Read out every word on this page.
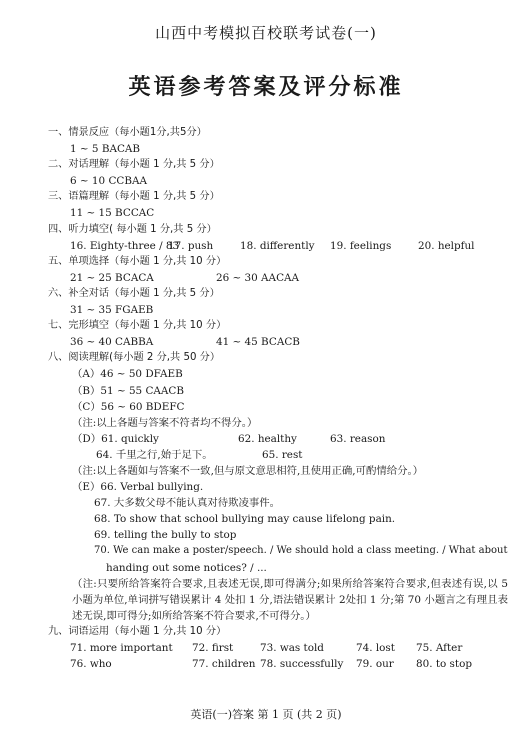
山西中考模拟百校联考试卷(一)
英语参考答案及评分标准
一、情景反应（每小题1分,共5分）
1 ~ 5 BACAB
二、对话理解（每小题 1 分,共 5 分）
6 ~ 10 CCBAA
三、语篇理解（每小题 1 分,共 5 分）
11 ~ 15 BCCAC
四、听力填空( 每小题 1 分,共 5 分）
16. Eighty-three / 83
17. push	18. differently 19. feelings	20. helpful
五、单项选择（每小题 1 分,共 10 分）
21 ~ 25 BCACA	26 ~ 30 AACAA
六、补全对话（每小题 1 分,共 5 分）
31 ~ 35 FGAEB
七、完形填空（每小题 1 分,共 10 分）
36 ~ 40 CABBA	41 ~ 45 BCACB
八、阅读理解(每小题 2 分,共 50 分）
（A）46 ~ 50 DFAEB
（B）51 ~ 55 CAACB
（C）56 ~ 60 BDEFC
（注:以上各题与答案不符者均不得分。）
（D）61. quickly	62. healthy	63. reason
64. 千里之行,始于足下。	65. rest
（注:以上各题如与答案不一致,但与原文意思相符,且使用正确,可酌情给分。）
（E）66. Verbal bullying.
67. 大多数父母不能认真对待欺凌事件。
68. To show that school bullying may cause lifelong pain.
69. telling the bully to stop
70. We can make a poster/speech. / We should hold a class meeting. / What about
handing out some notices? / ...
（注:只要所给答案符合要求,且表述无误,即可得满分;如果所给答案符合要求,但表述有误,以 5 小题为单位,单词拼写错误累计 4 处扣 1 分,语法错误累计 2处扣 1 分;第 70 小题言之有理且表述无误,即可得分;如所给答案不符合要求,不可得分。）
九、词语运用（每小题 1 分,共 10 分）
71. more important 72. first	73. was told	74. lost 75. After
76. who	77. children 78. successfully 79. our 80. to stop
英语(一)答案 第 1 页 (共 2 页)
